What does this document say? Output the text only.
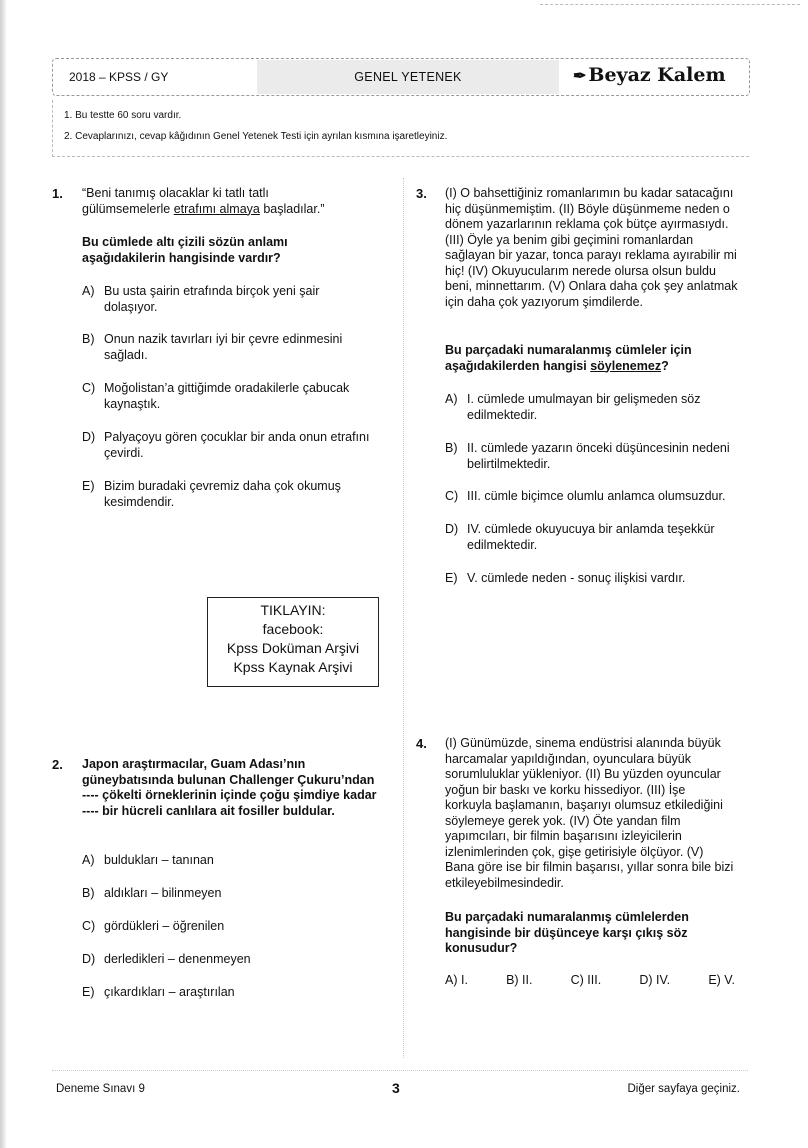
2018 – KPSS / GY	GENEL YETENEK	✒ Beyaz Kalem
1. Bu testte 60 soru vardır.
2. Cevaplarınızı, cevap kâğıdının Genel Yetenek Testi için ayrılan kısmına işaretleyiniz.
1. “Beni tanımış olacaklar ki tatlı tatlı
gülümsemelerle etrafımı almaya başladılar.”
Bu cümlede altı çizili sözün anlamı aşağıdakilerin hangisinde vardır?
A) Bu usta şairin etrafında birçok yeni şair dolaşıyor.
B) Onun nazik tavırları iyi bir çevre edinmesini sağladı.
C) Moğolistan’a gittiğimde oradakilerle çabucak kaynaştık.
D) Palyaçoyu gören çocuklar bir anda onun etrafını çevirdi.
E) Bizim buradaki çevremiz daha çok okumuş kesimdendir.
TIKLAYIN:
facebook:
Kpss Doküman Arşivi
Kpss Kaynak Arşivi
2. Japon araştırmacılar, Guam Adası’nın güneybatısında bulunan Challenger Çukuru’ndan ---- çökelti örneklerinin içinde çoğu şimdiye kadar ---- bir hücreli canlılara ait fosiller buldular.
A) buldukları – tanınan
B) aldıkları – bilinmeyen
C) gördükleri – öğrenilen
D) derledikleri – denenmeyen
E) çıkardıkları – araştırılan
3. (I) O bahsettiğiniz romanlarımın bu kadar satacağını hiç düşünmemiştim. (II) Böyle düşünmeme neden o dönem yazarlarının reklama çok bütçe ayırmasıydı. (III) Öyle ya benim gibi geçimini romanlardan sağlayan bir yazar, tonca parayı reklama ayırabilir mi hiç! (IV) Okuyucularım nerede olursa olsun buldu beni, minnettarım. (V) Onlara daha çok şey anlatmak için daha çok yazıyorum şimdilerde.
Bu parçadaki numaralanmış cümleler için aşağıdakilerden hangisi söylenemez?
A) I. cümlede umulmayan bir gelişmeden söz edilmektedir.
B) II. cümlede yazarın önceki düşüncesinin nedeni belirtilmektedir.
C) III. cümle biçimce olumlu anlamca olumsuzdur.
D) IV. cümlede okuyucuya bir anlamda teşekkür edilmektedir.
E) V. cümlede neden - sonuç ilişkisi vardır.
4. (I) Günümüzde, sinema endüstrisi alanında büyük harcamalar yapıldığından, oyunculara büyük sorumluluklar yükleniyor. (II) Bu yüzden oyuncular yoğun bir baskı ve korku hissediyor. (III) İşe korkuyla başlamanın, başarıyı olumsuz etkilediğini söylemeye gerek yok. (IV) Öte yandan film yapımcıları, bir filmin başarısını izleyicilerin izlenimlerinden çok, gişe getirisiyle ölçüyor. (V) Bana göre ise bir filmin başarısı, yıllar sonra bile bizi etkileyebilmesindedir.
Bu parçadaki numaralanmış cümlelerden hangisinde bir düşünceye karşı çıkış söz konusudur?
A) I.	B) II.	C) III.	D) IV.	E) V.
Deneme Sınavı 9	3	Diğer sayfaya geçiniz.
